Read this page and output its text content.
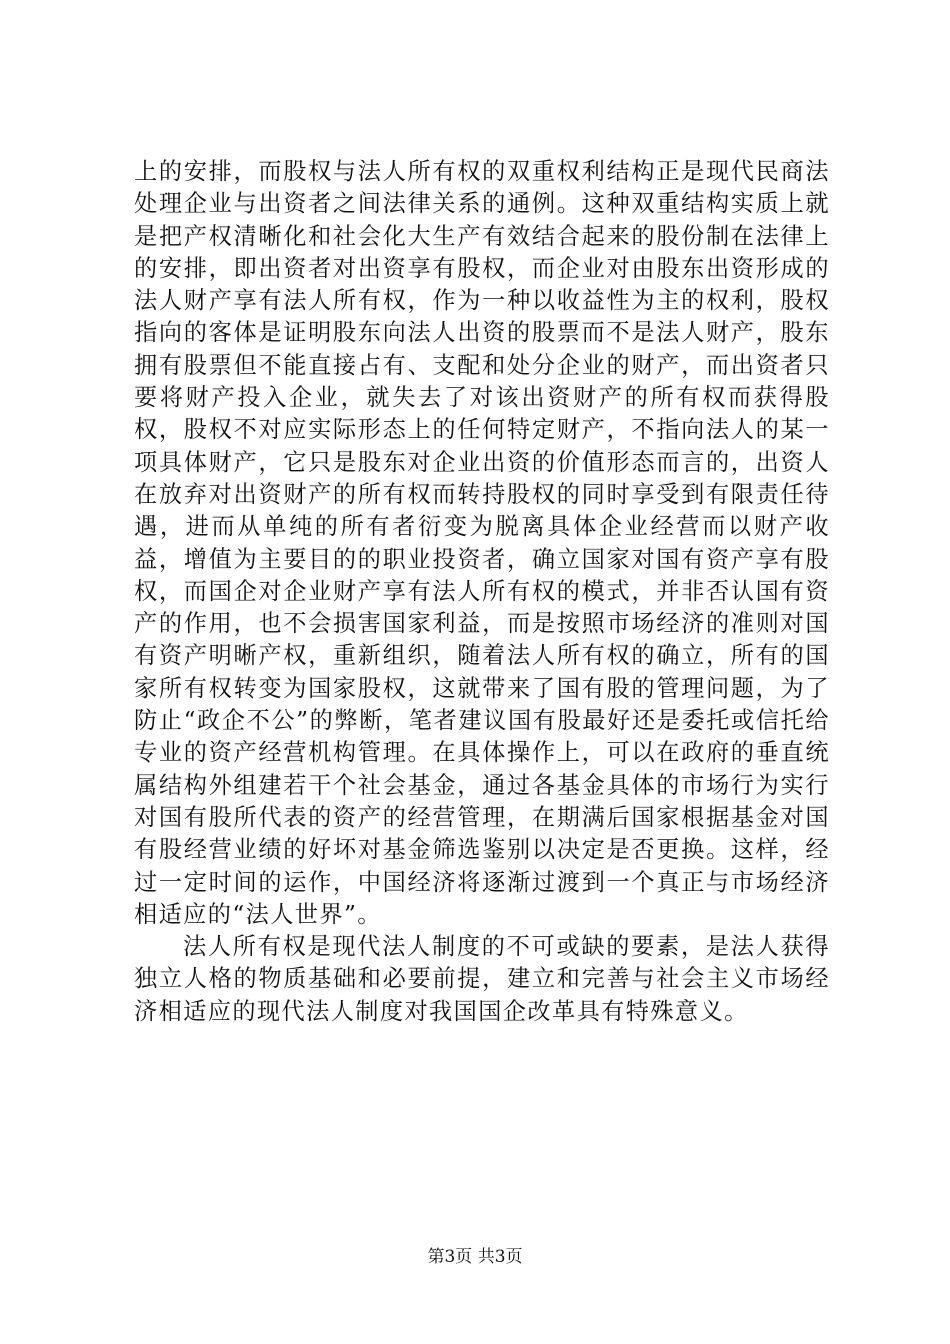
上的安排，而股权与法人所有权的双重权利结构正是现代民商法处理企业与出资者之间法律关系的通例。这种双重结构实质上就是把产权清晰化和社会化大生产有效结合起来的股份制在法律上的安排，即出资者对出资享有股权，而企业对由股东出资形成的法人财产享有法人所有权，作为一种以收益性为主的权利，股权指向的客体是证明股东向法人出资的股票而不是法人财产，股东拥有股票但不能直接占有、支配和处分企业的财产，而出资者只要将财产投入企业，就失去了对该出资财产的所有权而获得股权，股权不对应实际形态上的任何特定财产，不指向法人的某一项具体财产，它只是股东对企业出资的价值形态而言的，出资人在放弃对出资财产的所有权而转持股权的同时享受到有限责任待遇，进而从单纯的所有者衍变为脱离具体企业经营而以财产收益，增值为主要目的的职业投资者，确立国家对国有资产享有股权，而国企对企业财产享有法人所有权的模式，并非否认国有资产的作用，也不会损害国家利益，而是按照市场经济的准则对国有资产明晰产权，重新组织，随着法人所有权的确立，所有的国家所有权转变为国家股权，这就带来了国有股的管理问题，为了防止“政企不公”的弊断，笔者建议国有股最好还是委托或信托给专业的资产经营机构管理。在具体操作上，可以在政府的垂直统属结构外组建若干个社会基金，通过各基金具体的市场行为实行对国有股所代表的资产的经营管理，在期满后国家根据基金对国有股经营业绩的好坏对基金筛选鉴别以决定是否更换。这样，经过一定时间的运作，中国经济将逐渐过渡到一个真正与市场经济相适应的“法人世界”。

法人所有权是现代法人制度的不可或缺的要素，是法人获得独立人格的物质基础和必要前提，建立和完善与社会主义市场经济相适应的现代法人制度对我国国企改革具有特殊意义。

第3页 共3页
